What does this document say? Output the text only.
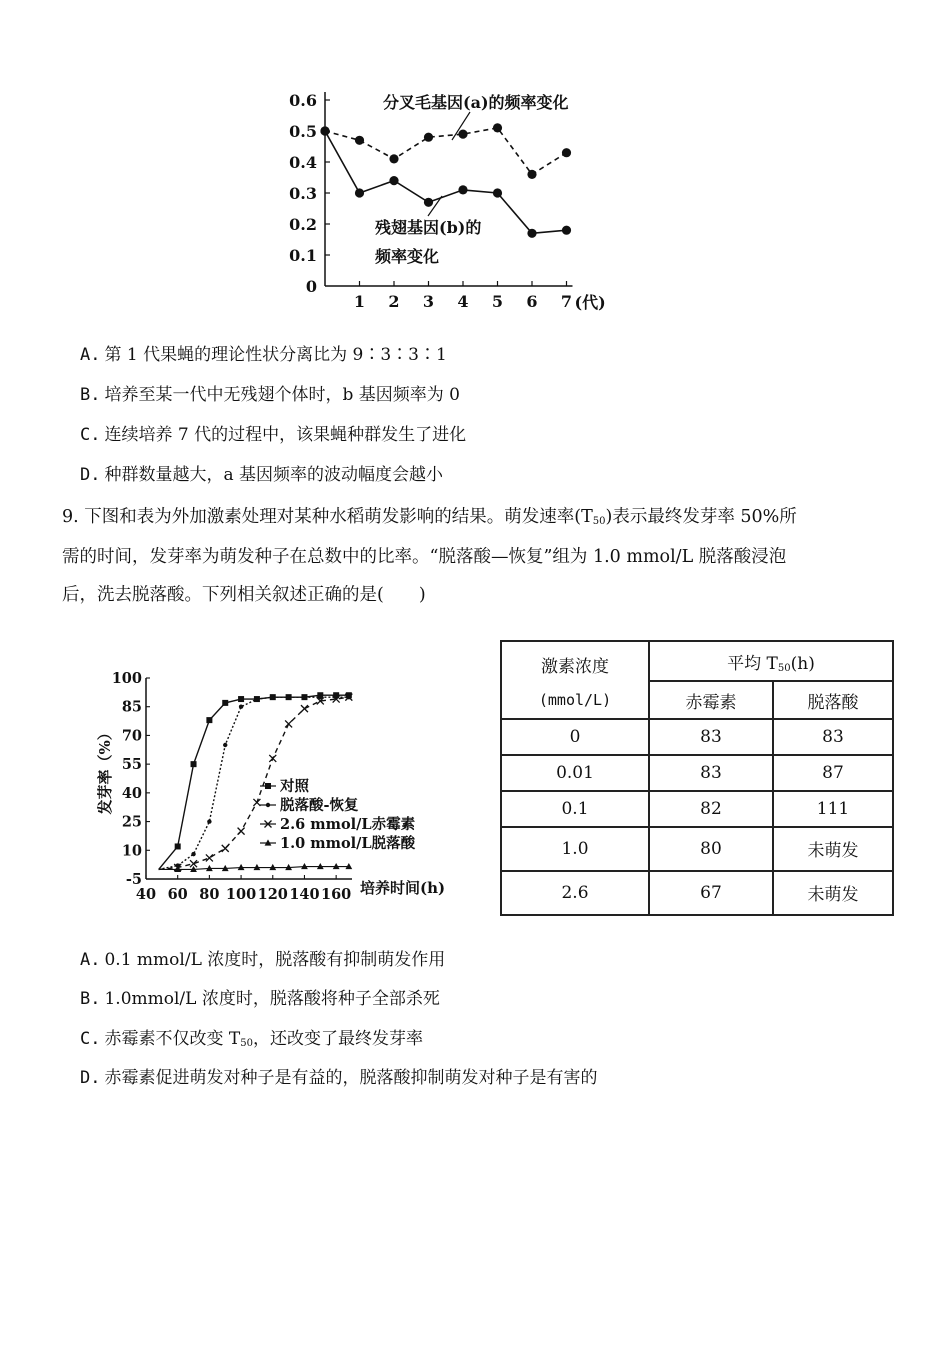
0
0.1
0.2
0.3
0.4
0.5
0.6
1 2 3 4 5 6 7 (代)
分叉毛基因(a)的频率变化
残翅基因(b)的
频率变化
A. 第 1 代果蝇的理论性状分离比为 9∶3∶3∶1
B. 培养至某一代中无残翅个体时，b 基因频率为 0
C. 连续培养 7 代的过程中，该果蝇种群发生了进化
D. 种群数量越大，a 基因频率的波动幅度会越小
9. 下图和表为外加激素处理对某种水稻萌发影响的结果。萌发速率$(T_{50})$表示最终发芽率 50%所
需的时间，发芽率为萌发种子在总数中的比率。“脱落酸—恢复”组为 1.0 mmol/L 脱落酸浸泡
后，洗去脱落酸。下列相关叙述正确的是(　　)
-5
10
25
40
55
70
85
100
40 60 80 100 120 140 160 培养时间(h)
发芽率（%）	对照
脱落酸-恢复
2.6 mmol/L赤霉素
1.0 mmol/L脱落酸
激素浓度
(mmol/L)	平均 $T_{50}(h)$	
	赤霉素	脱落酸
0	83	83
0.01	83	87
0.1	82	111
1.0	80	未萌发
2.6	67	未萌发
A. 0.1 mmol/L 浓度时，脱落酸有抑制萌发作用
B. 1.0mmol/L 浓度时，脱落酸将种子全部杀死
C. 赤霉素不仅改变 $T_{50}$，还改变了最终发芽率
D. 赤霉素促进萌发对种子是有益的，脱落酸抑制萌发对种子是有害的
